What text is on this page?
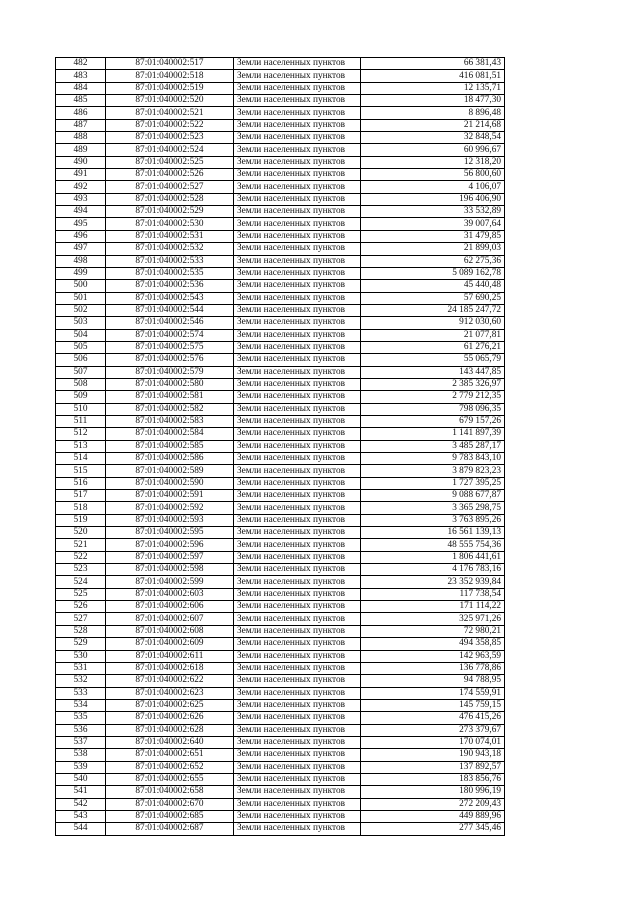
482	87:01:040002:517	Земли населенных пунктов	66 381,43
483	87:01:040002:518	Земли населенных пунктов	416 081,51
484	87:01:040002:519	Земли населенных пунктов	12 135,71
485	87:01:040002:520	Земли населенных пунктов	18 477,30
486	87:01:040002:521	Земли населенных пунктов	8 896,48
487	87:01:040002:522	Земли населенных пунктов	21 214,68
488	87:01:040002:523	Земли населенных пунктов	32 848,54
489	87:01:040002:524	Земли населенных пунктов	60 996,67
490	87:01:040002:525	Земли населенных пунктов	12 318,20
491	87:01:040002:526	Земли населенных пунктов	56 800,60
492	87:01:040002:527	Земли населенных пунктов	4 106,07
493	87:01:040002:528	Земли населенных пунктов	196 406,90
494	87:01:040002:529	Земли населенных пунктов	33 532,89
495	87:01:040002:530	Земли населенных пунктов	39 007,64
496	87:01:040002:531	Земли населенных пунктов	31 479,85
497	87:01:040002:532	Земли населенных пунктов	21 899,03
498	87:01:040002:533	Земли населенных пунктов	62 275,36
499	87:01:040002:535	Земли населенных пунктов	5 089 162,78
500	87:01:040002:536	Земли населенных пунктов	45 440,48
501	87:01:040002:543	Земли населенных пунктов	57 690,25
502	87:01:040002:544	Земли населенных пунктов	24 185 247,72
503	87:01:040002:546	Земли населенных пунктов	912 030,60
504	87:01:040002:574	Земли населенных пунктов	21 077,81
505	87:01:040002:575	Земли населенных пунктов	61 276,21
506	87:01:040002:576	Земли населенных пунктов	55 065,79
507	87:01:040002:579	Земли населенных пунктов	143 447,85
508	87:01:040002:580	Земли населенных пунктов	2 385 326,97
509	87:01:040002:581	Земли населенных пунктов	2 779 212,35
510	87:01:040002:582	Земли населенных пунктов	798 096,35
511	87:01:040002:583	Земли населенных пунктов	679 157,26
512	87:01:040002:584	Земли населенных пунктов	1 141 897,39
513	87:01:040002:585	Земли населенных пунктов	3 485 287,17
514	87:01:040002:586	Земли населенных пунктов	9 783 843,10
515	87:01:040002:589	Земли населенных пунктов	3 879 823,23
516	87:01:040002:590	Земли населенных пунктов	1 727 395,25
517	87:01:040002:591	Земли населенных пунктов	9 088 677,87
518	87:01:040002:592	Земли населенных пунктов	3 365 298,75
519	87:01:040002:593	Земли населенных пунктов	3 763 895,26
520	87:01:040002:595	Земли населенных пунктов	16 561 139,13
521	87:01:040002:596	Земли населенных пунктов	48 555 754,36
522	87:01:040002:597	Земли населенных пунктов	1 806 441,61
523	87:01:040002:598	Земли населенных пунктов	4 176 783,16
524	87:01:040002:599	Земли населенных пунктов	23 352 939,84
525	87:01:040002:603	Земли населенных пунктов	117 738,54
526	87:01:040002:606	Земли населенных пунктов	171 114,22
527	87:01:040002:607	Земли населенных пунктов	325 971,26
528	87:01:040002:608	Земли населенных пунктов	72 980,21
529	87:01:040002:609	Земли населенных пунктов	494 358,85
530	87:01:040002:611	Земли населенных пунктов	142 963,59
531	87:01:040002:618	Земли населенных пунктов	136 778,86
532	87:01:040002:622	Земли населенных пунктов	94 788,95
533	87:01:040002:623	Земли населенных пунктов	174 559,91
534	87:01:040002:625	Земли населенных пунктов	145 759,15
535	87:01:040002:626	Земли населенных пунктов	476 415,26
536	87:01:040002:628	Земли населенных пунктов	273 379,67
537	87:01:040002:640	Земли населенных пунктов	170 074,01
538	87:01:040002:651	Земли населенных пунктов	190 943,18
539	87:01:040002:652	Земли населенных пунктов	137 892,57
540	87:01:040002:655	Земли населенных пунктов	183 856,76
541	87:01:040002:658	Земли населенных пунктов	180 996,19
542	87:01:040002:670	Земли населенных пунктов	272 209,43
543	87:01:040002:685	Земли населенных пунктов	449 889,96
544	87:01:040002:687	Земли населенных пунктов	277 345,46
